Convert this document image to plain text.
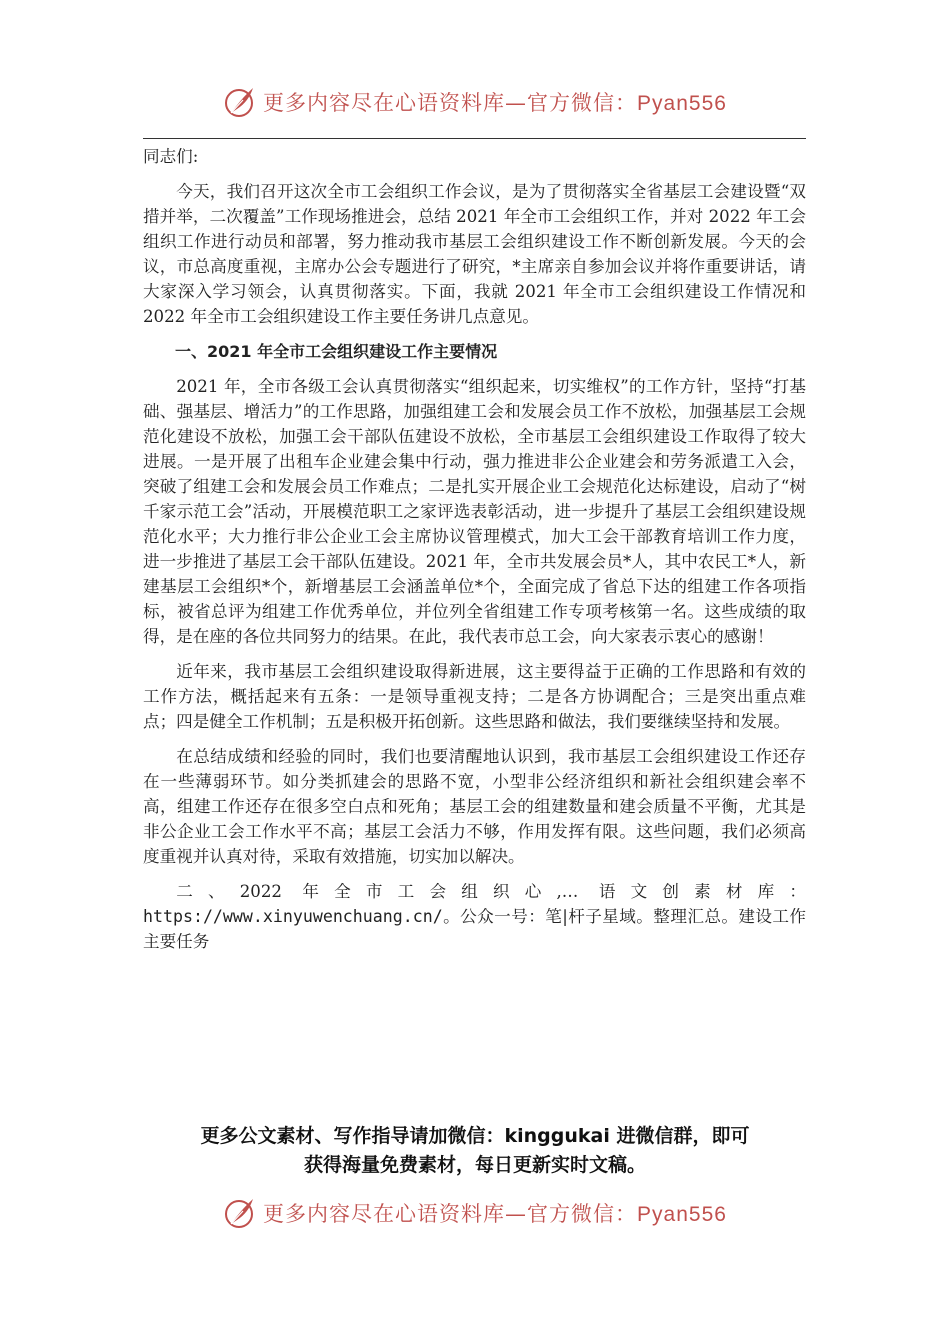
更多内容尽在心语资料库—官方微信：Pyan556

同志们:

今天，我们召开这次全市工会组织工作会议，是为了贯彻落实全省基层工会建设暨“双措并举，二次覆盖”工作现场推进会，总结 2021 年全市工会组织工作，并对 2022 年工会组织工作进行动员和部署，努力推动我市基层工会组织建设工作不断创新发展。今天的会议，市总高度重视，主席办公会专题进行了研究，*主席亲自参加会议并将作重要讲话，请大家深入学习领会，认真贯彻落实。下面，我就 2021 年全市工会组织建设工作情况和 2022 年全市工会组织建设工作主要任务讲几点意见。

一、2021 年全市工会组织建设工作主要情况

2021 年，全市各级工会认真贯彻落实“组织起来，切实维权”的工作方针，坚持“打基础、强基层、增活力”的工作思路，加强组建工会和发展会员工作不放松，加强基层工会规范化建设不放松，加强工会干部队伍建设不放松，全市基层工会组织建设工作取得了较大进展。一是开展了出租车企业建会集中行动，强力推进非公企业建会和劳务派遣工入会，突破了组建工会和发展会员工作难点；二是扎实开展企业工会规范化达标建设，启动了“树千家示范工会”活动，开展模范职工之家评选表彰活动，进一步提升了基层工会组织建设规范化水平；大力推行非公企业工会主席协议管理模式，加大工会干部教育培训工作力度，进一步推进了基层工会干部队伍建设。2021 年，全市共发展会员*人，其中农民工*人，新建基层工会组织*个，新增基层工会涵盖单位*个，全面完成了省总下达的组建工作各项指标，被省总评为组建工作优秀单位，并位列全省组建工作专项考核第一名。这些成绩的取得，是在座的各位共同努力的结果。在此，我代表市总工会，向大家表示衷心的感谢！

近年来，我市基层工会组织建设取得新进展，这主要得益于正确的工作思路和有效的工作方法，概括起来有五条：一是领导重视支持；二是各方协调配合；三是突出重点难点；四是健全工作机制；五是积极开拓创新。这些思路和做法，我们要继续坚持和发展。

在总结成绩和经验的同时，我们也要清醒地认识到，我市基层工会组织建设工作还存在一些薄弱环节。如分类抓建会的思路不宽，小型非公经济组织和新社会组织建会率不高，组建工作还存在很多空白点和死角；基层工会的组建数量和建会质量不平衡，尤其是非公企业工会工作水平不高；基层工会活力不够，作用发挥有限。这些问题，我们必须高度重视并认真对待，采取有效措施，切实加以解决。

二、2022 年全市工会组织心,… 语文创素材库：https://www.xinyuwenchuang.cn/。公众一号：笔|杆子星域。整理汇总。建设工作主要任务

更多公文素材、写作指导请加微信：kinggukai 进微信群，即可
获得海量免费素材，每日更新实时文稿。
更多内容尽在心语资料库—官方微信：Pyan556
